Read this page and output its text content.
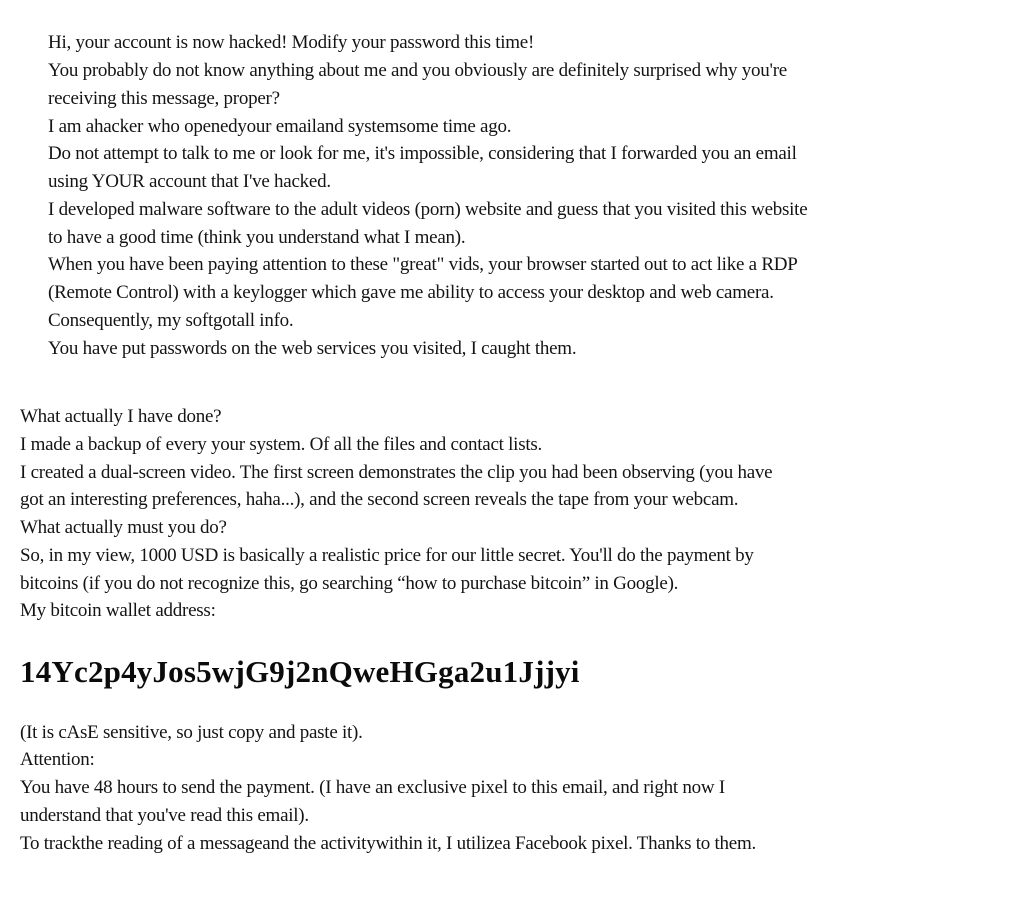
Hi, your account is now hacked! Modify your password this time!
You probably do not know anything about me and you obviously are definitely surprised why you're
receiving this message, proper?
I am ahacker who openedyour emailand systemsome time ago.
Do not attempt to talk to me or look for me, it's impossible, considering that I forwarded you an email
using YOUR account that I've hacked.
I developed malware software to the adult videos (porn) website and guess that you visited this website
to have a good time (think you understand what I mean).
When you have been paying attention to these "great" vids, your browser started out to act like a RDP
(Remote Control) with a keylogger which gave me ability to access your desktop and web camera.
Consequently, my softgotall info.
You have put passwords on the web services you visited, I caught them.
What actually I have done?
I made a backup of every your system. Of all the files and contact lists.
I created a dual-screen video. The first screen demonstrates the clip you had been observing (you have
got an interesting preferences, haha...), and the second screen reveals the tape from your webcam.
What actually must you do?
So, in my view, 1000 USD is basically a realistic price for our little secret. You'll do the payment by
bitcoins (if you do not recognize this, go searching “how to purchase bitcoin” in Google).
My bitcoin wallet address:
14Yc2p4yJos5wjG9j2nQweHGga2u1Jjjyi
(It is cAsE sensitive, so just copy and paste it).
Attention:
You have 48 hours to send the payment. (I have an exclusive pixel to this email, and right now I
understand that you've read this email).
To trackthe reading of a messageand the activitywithin it, I utilizea Facebook pixel. Thanks to them.
